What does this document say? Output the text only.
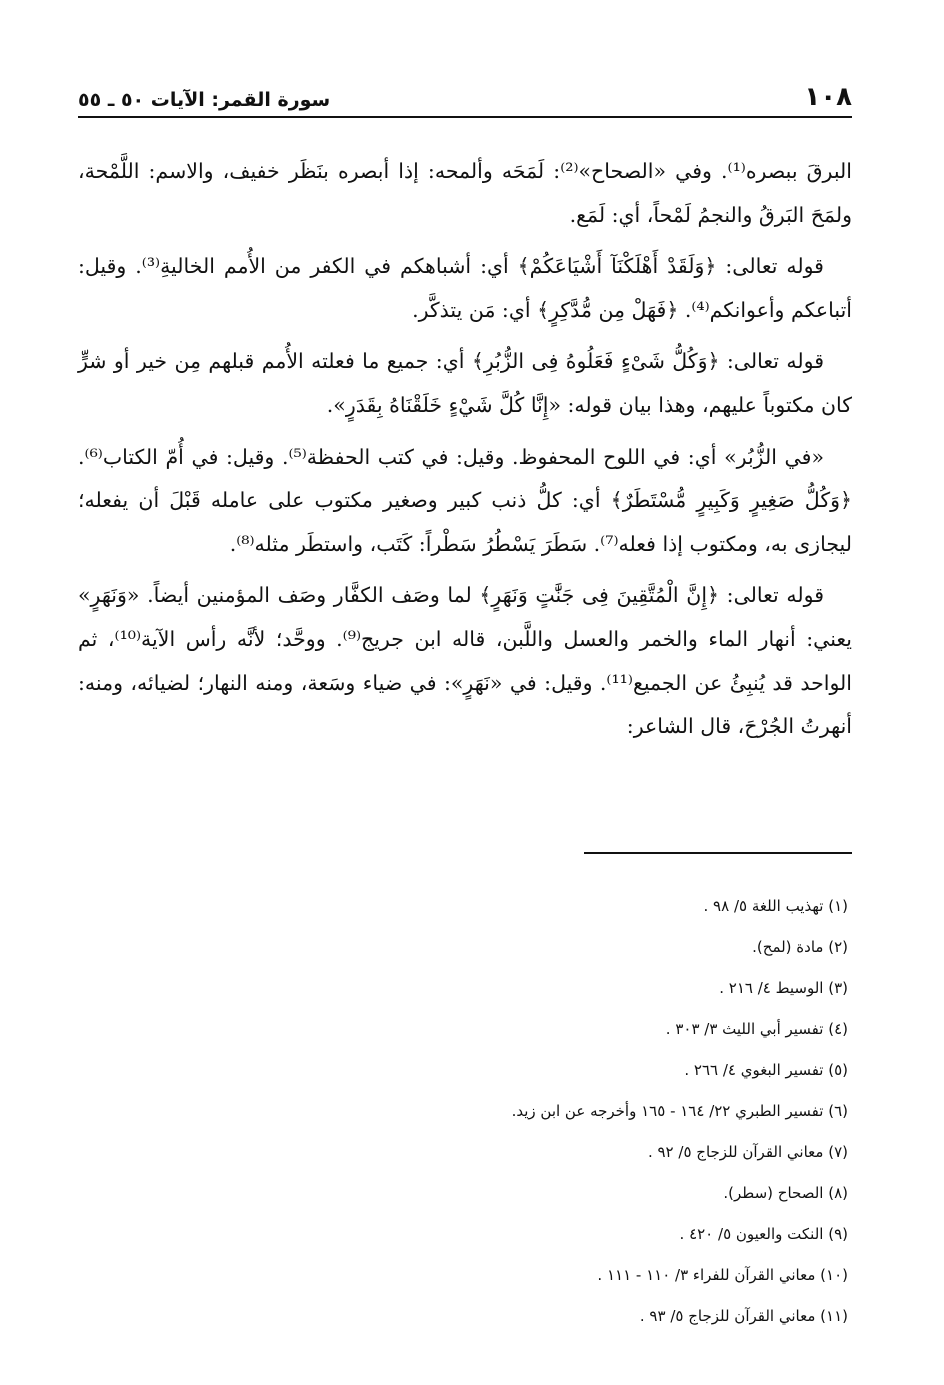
١٠٨
سورة القمر: الآيات ٥٠ ـ ٥٥

البرقَ ببصره⁽¹⁾. وفي «الصحاح»⁽²⁾: لَمَحَه وألمحه: إذا أبصره بنَظَر خفيف، والاسم: اللَّمْحة، ولمَحَ البَرقُ والنجمُ لَمْحاً، أي: لَمَع.

قوله تعالى: ﴿وَلَقَدْ أَهْلَكْنَآ أَشْيَاعَكُمْ﴾ أي: أشباهكم في الكفر من الأُمم الخاليةِ⁽³⁾. وقيل: أتباعكم وأعوانكم⁽⁴⁾. ﴿فَهَلْ مِن مُّدَّكِرٍ﴾ أي: مَن يتذكَّر.

قوله تعالى: ﴿وَكُلُّ شَىْءٍ فَعَلُوهُ فِى الزُّبُرِ﴾ أي: جميع ما فعلته الأُمم قبلهم مِن خير أو شرٍّ كان مكتوباً عليهم، وهذا بيان قوله: «إِنَّا كُلَّ شَيْءٍ خَلَقْنَاهُ بِقَدَرٍ».

«في الزُّبُر» أي: في اللوح المحفوظ. وقيل: في كتب الحفظة⁽⁵⁾. وقيل: في أُمّ الكتاب⁽⁶⁾. ﴿وَكُلُّ صَغِيرٍ وَكَبِيرٍ مُّسْتَطَرٌ﴾ أي: كلُّ ذنب كبير وصغير مكتوب على عامله قَبْلَ أن يفعله؛ ليجازى به، ومكتوب إذا فعله⁽⁷⁾. سَطَرَ يَسْطُرُ سَطْراً: كَتَب، واستطَر مثله⁽⁸⁾.

قوله تعالى: ﴿إِنَّ الْمُتَّقِينَ فِى جَنَّٰتٍ وَنَهَرٍ﴾ لما وصَف الكفَّار وصَف المؤمنين أيضاً. «وَنَهَرٍ» يعني: أنهار الماء والخمر والعسل واللَّبن، قاله ابن جريج⁽⁹⁾. ووحَّد؛ لأنَّه رأس الآية⁽¹⁰⁾، ثم الواحد قد يُنبِئُ عن الجميع⁽¹¹⁾. وقيل: في «نَهَرٍ»: في ضياء وسَعة، ومنه النهار؛ لضيائه، ومنه: أنهرتُ الجُرْحَ، قال الشاعر:

(١) تهذيب اللغة ٥/ ٩٨ .
(٢) مادة (لمح).
(٣) الوسيط ٤/ ٢١٦ .
(٤) تفسير أبي الليث ٣/ ٣٠٣ .
(٥) تفسير البغوي ٤/ ٢٦٦ .
(٦) تفسير الطبري ٢٢/ ١٦٤ - ١٦٥ وأخرجه عن ابن زيد.
(٧) معاني القرآن للزجاج ٥/ ٩٢ .
(٨) الصحاح (سطر).
(٩) النكت والعيون ٥/ ٤٢٠ .
(١٠) معاني القرآن للفراء ٣/ ١١٠ - ١١١ .
(١١) معاني القرآن للزجاج ٥/ ٩٣ .
